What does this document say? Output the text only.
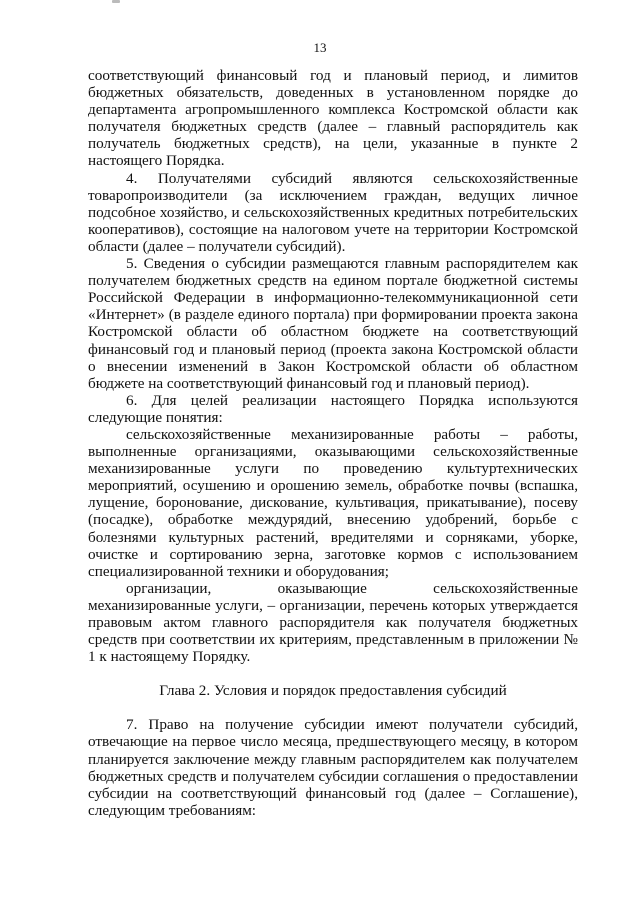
13

соответствующий финансовый год и плановый период, и лимитов бюджетных обязательств, доведенных в установленном порядке до департамента агропромышленного комплекса Костромской области как получателя бюджетных средств (далее – главный распорядитель как получатель бюджетных средств), на цели, указанные в пункте 2 настоящего Порядка.

4. Получателями субсидий являются сельскохозяйственные товаропроизводители (за исключением граждан, ведущих личное подсобное хозяйство, и сельскохозяйственных кредитных потребительских кооперативов), состоящие на налоговом учете на территории Костромской области (далее – получатели субсидий).

5. Сведения о субсидии размещаются главным распорядителем как получателем бюджетных средств на едином портале бюджетной системы Российской Федерации в информационно-телекоммуникационной сети «Интернет» (в разделе единого портала) при формировании проекта закона Костромской области об областном бюджете на соответствующий финансовый год и плановый период (проекта закона Костромской области о внесении изменений в Закон Костромской области об областном бюджете на соответствующий финансовый год и плановый период).

6. Для целей реализации настоящего Порядка используются следующие понятия:

сельскохозяйственные механизированные работы – работы, выполненные организациями, оказывающими сельскохозяйственные механизированные услуги по проведению культуртехнических мероприятий, осушению и орошению земель, обработке почвы (вспашка, лущение, боронование, дискование, культивация, прикатывание), посеву (посадке), обработке междурядий, внесению удобрений, борьбе с болезнями культурных растений, вредителями и сорняками, уборке, очистке и сортированию зерна, заготовке кормов с использованием специализированной техники и оборудования;

организации, оказывающие сельскохозяйственные механизированные услуги, – организации, перечень которых утверждается правовым актом главного распорядителя как получателя бюджетных средств при соответствии их критериям, представленным в приложении № 1 к настоящему Порядку.

Глава 2. Условия и порядок предоставления субсидий

7. Право на получение субсидии имеют получатели субсидий, отвечающие на первое число месяца, предшествующего месяцу, в котором планируется заключение между главным распорядителем как получателем бюджетных средств и получателем субсидии соглашения о предоставлении субсидии на соответствующий финансовый год (далее – Соглашение), следующим требованиям:
